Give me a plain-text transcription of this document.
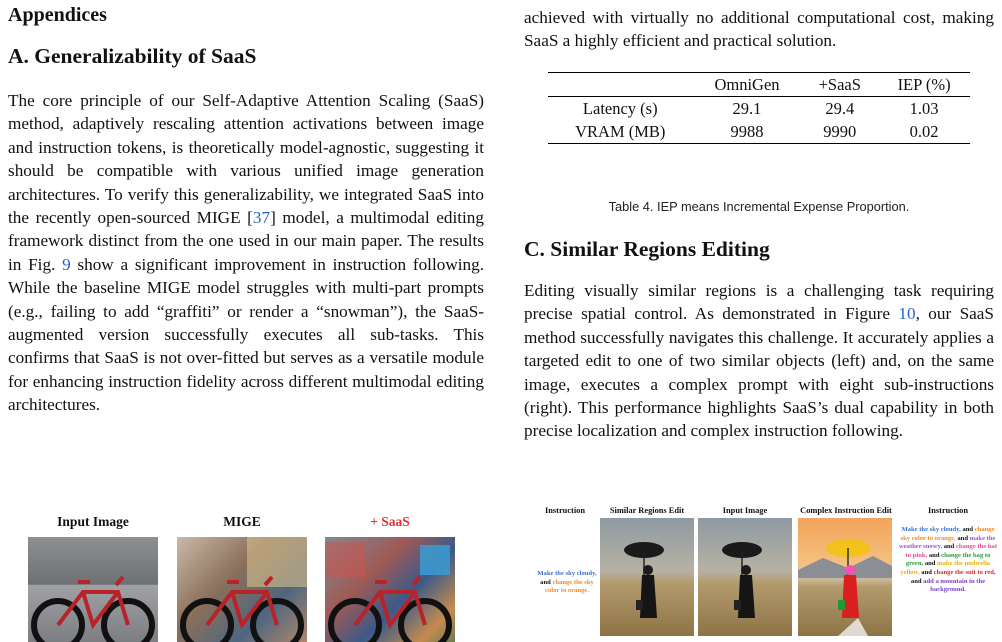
Appendices
A. Generalizability of SaaS

The core principle of our Self-Adaptive Attention Scaling (SaaS) method, adaptively rescaling attention activations between image and instruction tokens, is theoretically model-agnostic, suggesting it should be compatible with various unified image generation architectures. To verify this generalizability, we integrated SaaS into the recently open-sourced MIGE [37] model, a multimodal editing framework distinct from the one used in our main paper. The results in Fig. 9 show a significant improvement in instruction following. While the baseline MIGE model struggles with multi-part prompts (e.g., failing to add “graffiti” or render a “snowman”), the SaaS-augmented version successfully executes all sub-tasks. This confirms that SaaS is not over-fitted but serves as a versatile module for enhancing instruction fidelity across different multimodal editing architectures.

achieved with virtually no additional computational cost, making SaaS a highly efficient and practical solution.

	OmniGen	+SaaS	IEP (%)
Latency (s)	29.1	29.4	1.03
VRAM (MB)	9988	9990	0.02
Table 4. IEP means Incremental Expense Proportion.
C. Similar Regions Editing

Editing visually similar regions is a challenging task requiring precise spatial control. As demonstrated in Figure 10, our SaaS method successfully navigates this challenge. It accurately applies a targeted edit to one of two similar objects (left) and, on the same image, executes a complex prompt with eight sub-instructions (right). This performance highlights SaaS’s dual capability in both precise localization and complex instruction following.

Input Image	MIGE	+ SaaS
Instruction	Similar Regions Edit	Input Image	Complex Instruction Edit	Instruction
Make the sky cloudy, and change the sky color to orange.
Make the sky cloudy, and change sky color to orange, and make the weather snowy, and change the hat to pink, and change the bag to green, and make the umbrella yellow, and change the suit to red, and add a mountain in the background.
